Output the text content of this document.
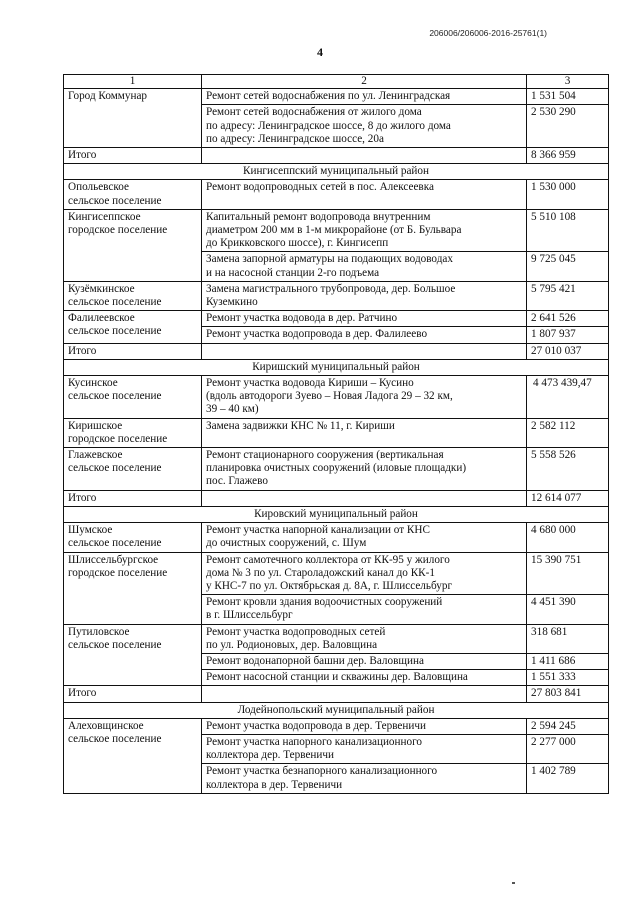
206006/206006-2016-25761(1)
4
1	2	3
Город Коммунар	Ремонт сетей водоснабжения по ул. Ленинградская	1 531 504
	Ремонт сетей водоснабжения от жилого дома
по адресу: Ленинградское шоссе, 8 до жилого дома
по адресу: Ленинградское шоссе, 20а	2 530 290
Итого		8 366 959
Кингисеппский муниципальный район		
Опольевское
сельское поселение	Ремонт водопроводных сетей в пос. Алексеевка	1 530 000
Кингисеппское
городское поселение	Капитальный ремонт водопровода внутренним
диаметром 200 мм в 1-м микрорайоне (от Б. Бульвара
до Крикковского шоссе), г. Кингисепп	5 510 108
	Замена запорной арматуры на подающих водоводах
и на насосной станции 2-го подъема	9 725 045
Кузёмкинское
сельское поселение	Замена магистрального трубопровода, дер. Большое
Куземкино	5 795 421
Фалилеевское
сельское поселение	Ремонт участка водовода в дер. Ратчино	2 641 526
	Ремонт участка водопровода в дер. Фалилеево	1 807 937
Итого		27 010 037
Киришский муниципальный район		
Кусинское
сельское поселение	Ремонт участка водовода Кириши – Кусино
(вдоль автодороги Зуево – Новая Ладога 29 – 32 км,
39 – 40 км)	4 473 439,47
Киришское
городское поселение	Замена задвижки КНС № 11, г. Кириши	2 582 112
Глажевское
сельское поселение	Ремонт стационарного сооружения (вертикальная
планировка очистных сооружений (иловые площадки)
пос. Глажево	5 558 526
Итого		12 614 077
Кировский муниципальный район		
Шумское
сельское поселение	Ремонт участка напорной канализации от КНС
до очистных сооружений, с. Шум	4 680 000
Шлиссельбургское
городское поселение	Ремонт самотечного коллектора от КК-95 у жилого
дома № 3 по ул. Староладожский канал до КК-1
у КНС-7 по ул. Октябрьская д. 8А, г. Шлиссельбург	15 390 751
	Ремонт кровли здания водоочистных сооружений
в г. Шлиссельбург	4 451 390
Путиловское
сельское поселение	Ремонт участка водопроводных сетей
по ул. Родионовых, дер. Валовщина	318 681
	Ремонт водонапорной башни дер. Валовщина	1 411 686
	Ремонт насосной станции и скважины дер. Валовщина	1 551 333
Итого		27 803 841
Лодейнопольский муниципальный район		
Алеховщинское
сельское поселение	Ремонт участка водопровода в дер. Тервеничи	2 594 245
	Ремонт участка напорного канализационного
коллектора дер. Тервеничи	2 277 000
	Ремонт участка безнапорного канализационного
коллектора в дер. Тервеничи	1 402 789
